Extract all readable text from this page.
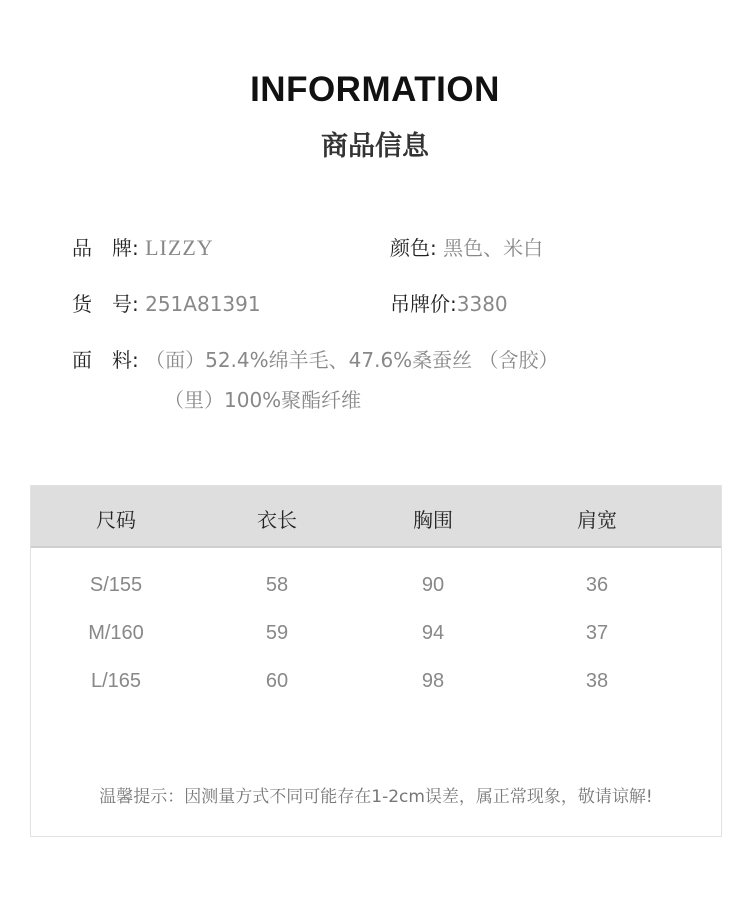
INFORMATION
商品信息
品　牌: LIZZY	颜色: 黑色、米白
货　号: 251A81391	吊牌价:3380
面　料: （面）52.4%绵羊毛、47.6%桑蚕丝 （含胶）
（里）100%聚酯纤维
尺码	衣长	胸围	肩宽
S/155	58	90	36
M/160	59	94	37
L/165	60	98	38
温馨提示：因测量方式不同可能存在1-2cm误差，属正常现象，敬请谅解!
